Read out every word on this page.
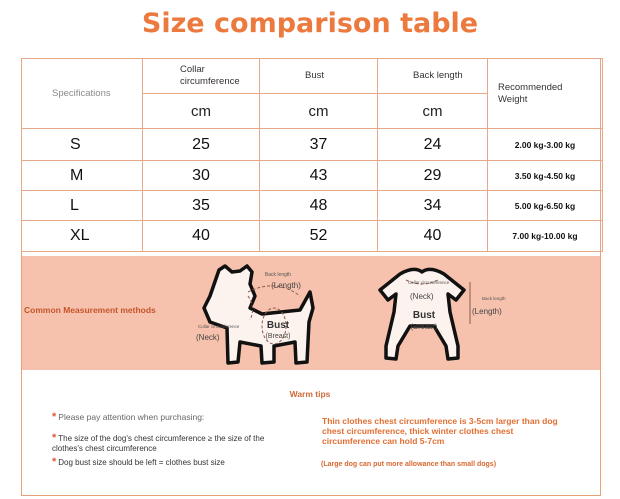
Size comparison table
Specifications	Collar circumference	Bust	Back length	Recommended Weight
	cm	cm	cm	
S	25	37	24	2.00 kg-3.00 kg
M	30	43	29	3.50 kg-4.50 kg
L	35	48	34	5.00 kg-6.50 kg
XL	40	52	40	7.00 kg-10.00 kg
Common Measurement methods
Back length
(Length)
Collar circumference
(Neck)
Bust
(Breast)
Collar circumference
(Neck)
Bust
(Breast)
Back length
(Length)
Warm tips
* Please pay attention when purchasing:
* The size of the dog's chest circumference ≥ the size of the clothes's chest circumference
* Dog bust size should be left = clothes bust size
Thin clothes chest circumference is 3-5cm larger than dog chest circumference, thick winter clothes chest circumference can hold 5-7cm
(Large dog can put more allowance than small dogs)
